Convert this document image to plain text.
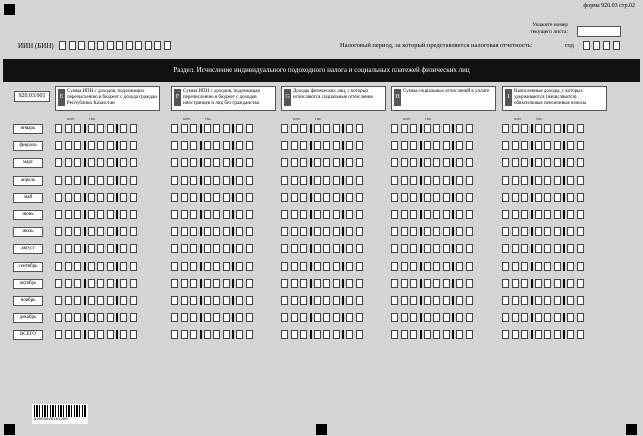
форма 920.03 стр.02
Укажите номер текущего листа:
ИИН (БИН)	Налоговый период, за который представляется налоговая отчетность:	год
Раздел. Исчисление индивидуального подоходного налога и социальных платежей физических лиц
920.03.001	E
Сумма ИПН с доходов, подлежащих перечислению в бюджет с дохода граждан Республики Казахстан
млн.	тыс.
F
Сумма ИПН с доходов, подлежащая перечислению в бюджет с доходов иностранцев и лиц без гражданства
млн.	тыс.
G
Доходы физических лиц, с которых исчисляются социальные отчисления
млн.	тыс.
H
Сумма социальных отчислений к уплате
млн.	тыс.
I
Начисленные доходы, с которых удерживаются (начисляются) обязательные пенсионные взносы
млн.	тыс.
январь
февраль
март
апрель
май
июнь
июль
август
сентябрь
октябрь
ноябрь
декабрь
ВСЕГО
92003020101200
